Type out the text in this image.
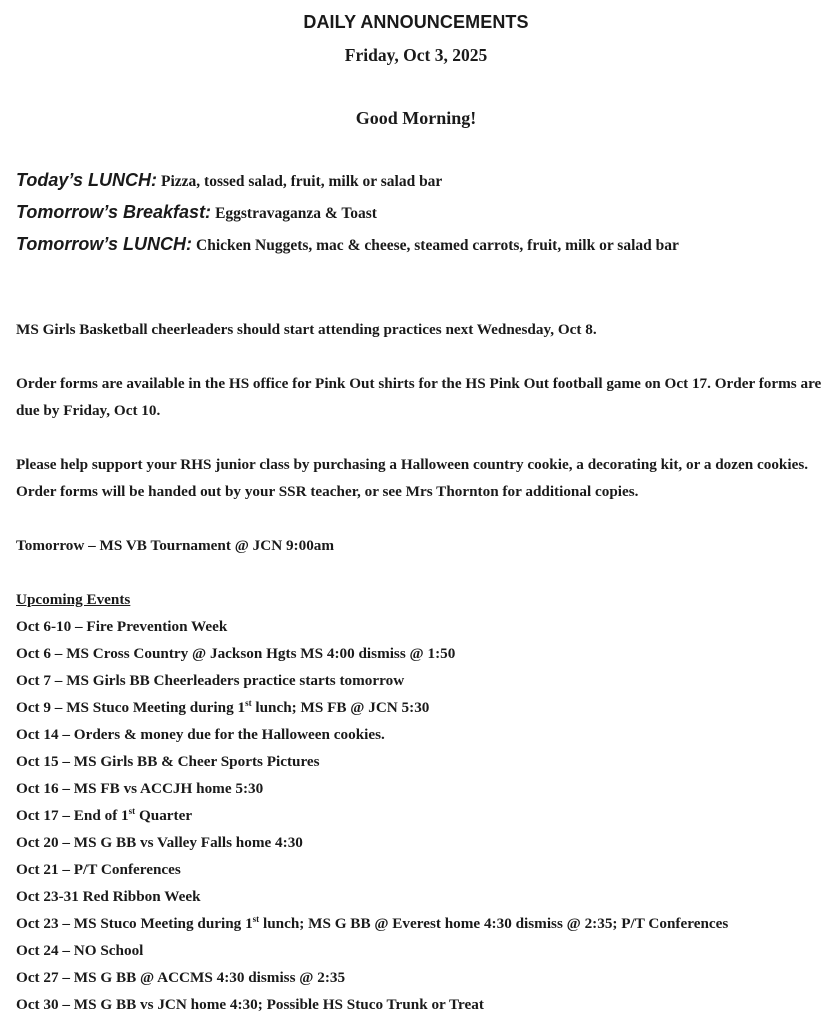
DAILY ANNOUNCEMENTS
Friday, Oct 3, 2025
Good Morning!
Today’s LUNCH: Pizza, tossed salad, fruit, milk or salad bar
Tomorrow’s Breakfast: Eggstravaganza & Toast
Tomorrow’s LUNCH: Chicken Nuggets, mac & cheese, steamed carrots, fruit, milk or salad bar
MS Girls Basketball cheerleaders should start attending practices next Wednesday, Oct 8.
Order forms are available in the HS office for Pink Out shirts for the HS Pink Out football game on Oct 17. Order forms are due by Friday, Oct 10.
Please help support your RHS junior class by purchasing a Halloween country cookie, a decorating kit, or a dozen cookies. Order forms will be handed out by your SSR teacher, or see Mrs Thornton for additional copies.
Tomorrow – MS VB Tournament @ JCN 9:00am
Upcoming Events
Oct 6-10 – Fire Prevention Week
Oct 6 – MS Cross Country @ Jackson Hgts MS 4:00 dismiss @ 1:50
Oct 7 – MS Girls BB Cheerleaders practice starts tomorrow
Oct 9 – MS Stuco Meeting during 1st lunch; MS FB @ JCN 5:30
Oct 14 – Orders & money due for the Halloween cookies.
Oct 15 – MS Girls BB & Cheer Sports Pictures
Oct 16 – MS FB vs ACCJH home 5:30
Oct 17 – End of 1st Quarter
Oct 20 – MS G BB vs Valley Falls home 4:30
Oct 21 – P/T Conferences
Oct 23-31 Red Ribbon Week
Oct 23 – MS Stuco Meeting during 1st lunch; MS G BB @ Everest home 4:30 dismiss @ 2:35; P/T Conferences
Oct 24 – NO School
Oct 27 – MS G BB @ ACCMS 4:30 dismiss @ 2:35
Oct 30 – MS G BB vs JCN home 4:30; Possible HS Stuco Trunk or Treat
